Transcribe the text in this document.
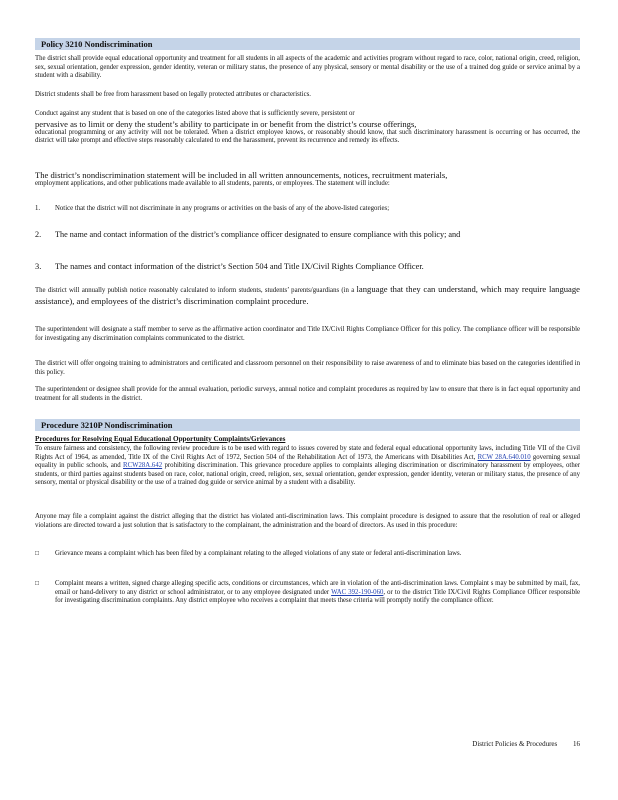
Policy 3210 Nondiscrimination

The district shall provide equal educational opportunity and treatment for all students in all aspects of the academic and activities program without regard to race, color, national origin, creed, religion, sex, sexual orientation, gender expression, gender identity, veteran or military status, the presence of any physical, sensory or mental disability or the use of a trained dog guide or service animal by a student with a disability.

District students shall be free from harassment based on legally protected attributes or characteristics.

Conduct against any student that is based on one of the categories listed above that is sufficiently severe, persistent or
pervasive as to limit or deny the student’s ability to participate in or benefit from the district’s course offerings,
educational programming or any activity will not be tolerated. When a district employee knows, or reasonably should know, that such discriminatory harassment is occurring or has occurred, the district will take prompt and effective steps reasonably calculated to end the harassment, prevent its recurrence and remedy its effects.
The district’s nondiscrimination statement will be included in all written announcements, notices, recruitment materials,
employment applications, and other publications made available to all students, parents, or employees. The statement will include:
1.	Notice that the district will not discriminate in any programs or activities on the basis of any of the above-listed categories;
2.	The name and contact information of the district’s compliance officer designated to ensure compliance with this policy; and
3.	The names and contact information of the district’s Section 504 and Title IX/Civil Rights Compliance Officer.
The district will annually publish notice reasonably calculated to inform students, students’ parents/guardians (in a language that they can understand, which may require language assistance), and employees of the district’s discrimination complaint procedure.

The superintendent will designate a staff member to serve as the affirmative action coordinator and Title IX/Civil Rights Compliance Officer for this policy. The compliance officer will be responsible for investigating any discrimination complaints communicated to the district.

The district will offer ongoing training to administrators and certificated and classroom personnel on their responsibility to raise awareness of and to eliminate bias based on the categories identified in this policy.

The superintendent or designee shall provide for the annual evaluation, periodic surveys, annual notice and complaint procedures as required by law to ensure that there is in fact equal opportunity and treatment for all students in the district.

Procedure 3210P Nondiscrimination
Procedures for Resolving Equal Educational Opportunity Complaints/Grievances

To ensure fairness and consistency, the following review procedure is to be used with regard to issues covered by state and federal equal educational opportunity laws, including Title VII of the Civil Rights Act of 1964, as amended, Title IX of the Civil Rights Act of 1972, Section 504 of the Rehabilitation Act of 1973, the Americans with Disabilities Act, RCW 28A.640.010 governing sexual equality in public schools, and RCW28A.642 prohibiting discrimination. This grievance procedure applies to complaints alleging discrimination or discriminatory harassment by employees, other students, or third parties against students based on race, color, national origin, creed, religion, sex, sexual orientation, gender expression, gender identity, veteran or military status, the presence of any sensory, mental or physical disability or the use of a trained dog guide or service animal by a student with a disability.

Anyone may file a complaint against the district alleging that the district has violated anti-discrimination laws. This complaint procedure is designed to assure that the resolution of real or alleged violations are directed toward a just solution that is satisfactory to the complainant, the administration and the board of directors. As used in this procedure:

□	Grievance means a complaint which has been filed by a complainant relating to the alleged violations of any state or federal anti-discrimination laws.
□	Complaint means a written, signed charge alleging specific acts, conditions or circumstances, which are in violation of the anti-discrimination laws. Complaint s may be submitted by mail, fax, email or hand-delivery to any district or school administrator, or to any employee designated under WAC 392-190-060, or to the district Title IX/Civil Rights Compliance Officer responsible for investigating discrimination complaints. Any district employee who receives a complaint that meets these criteria will promptly notify the compliance officer.
District Policies & Procedures 16
